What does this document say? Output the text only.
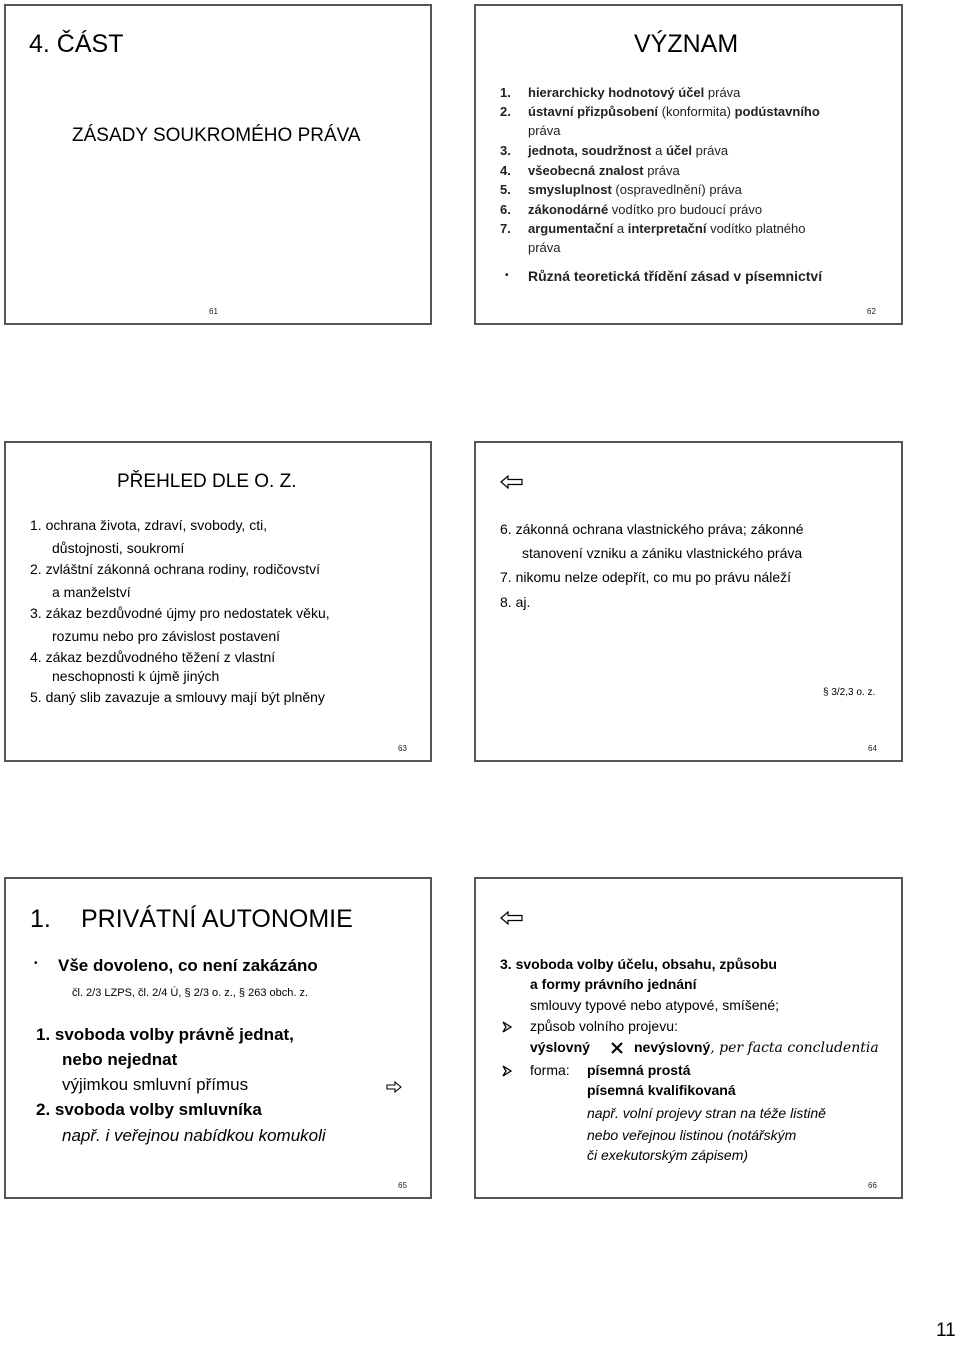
4. ČÁST
ZÁSADY SOUKROMÉHO PRÁVA
61
VÝZNAM
1. hierarchicky hodnotový účel práva
2. ústavní přizpůsobení (konformita) podústavního
práva
3. jednota, soudržnost a účel práva
4. všeobecná znalost práva
5. smysluplnost (ospravedlnění) práva
6. zákonodárné vodítko pro budoucí právo
7. argumentační a interpretační vodítko platného
práva
• Různá teoretická třídění zásad v písemnictví
62
PŘEHLED DLE O. Z.
1. ochrana života, zdraví, svobody, cti,
důstojnosti, soukromí
2. zvláštní zákonná ochrana rodiny, rodičovství
a manželství
3. zákaz bezdůvodné újmy pro nedostatek věku,
rozumu nebo pro závislost postavení
4. zákaz bezdůvodného těžení z vlastní
neschopnosti k újmě jiných
5. daný slib zavazuje a smlouvy mají být plněny
63
6. zákonná ochrana vlastnického práva; zákonné
stanovení vzniku a zániku vlastnického práva
7. nikomu nelze odepřít, co mu po právu náleží
8. aj.
§ 3/2,3 o. z.
64
1. PRIVÁTNÍ AUTONOMIE
• Vše dovoleno, co není zakázáno
čl. 2/3 LZPS, čl. 2/4 Ú, § 2/3 o. z., § 263 obch. z.
1. svoboda volby právně jednat,
nebo nejednat
výjimkou smluvní přímus
2. svoboda volby smluvníka
např. i veřejnou nabídkou komukoli
65
3. svoboda volby účelu, obsahu, způsobu
a formy právního jednání
smlouvy typové nebo atypové, smíšené;
způsob volního projevu:
výslovný	nevýslovný, per facta concludentia
forma: písemná prostá
písemná kvalifikovaná
např. volní projevy stran na téže listině
nebo veřejnou listinou (notářským
či exekutorským zápisem)
66
11
